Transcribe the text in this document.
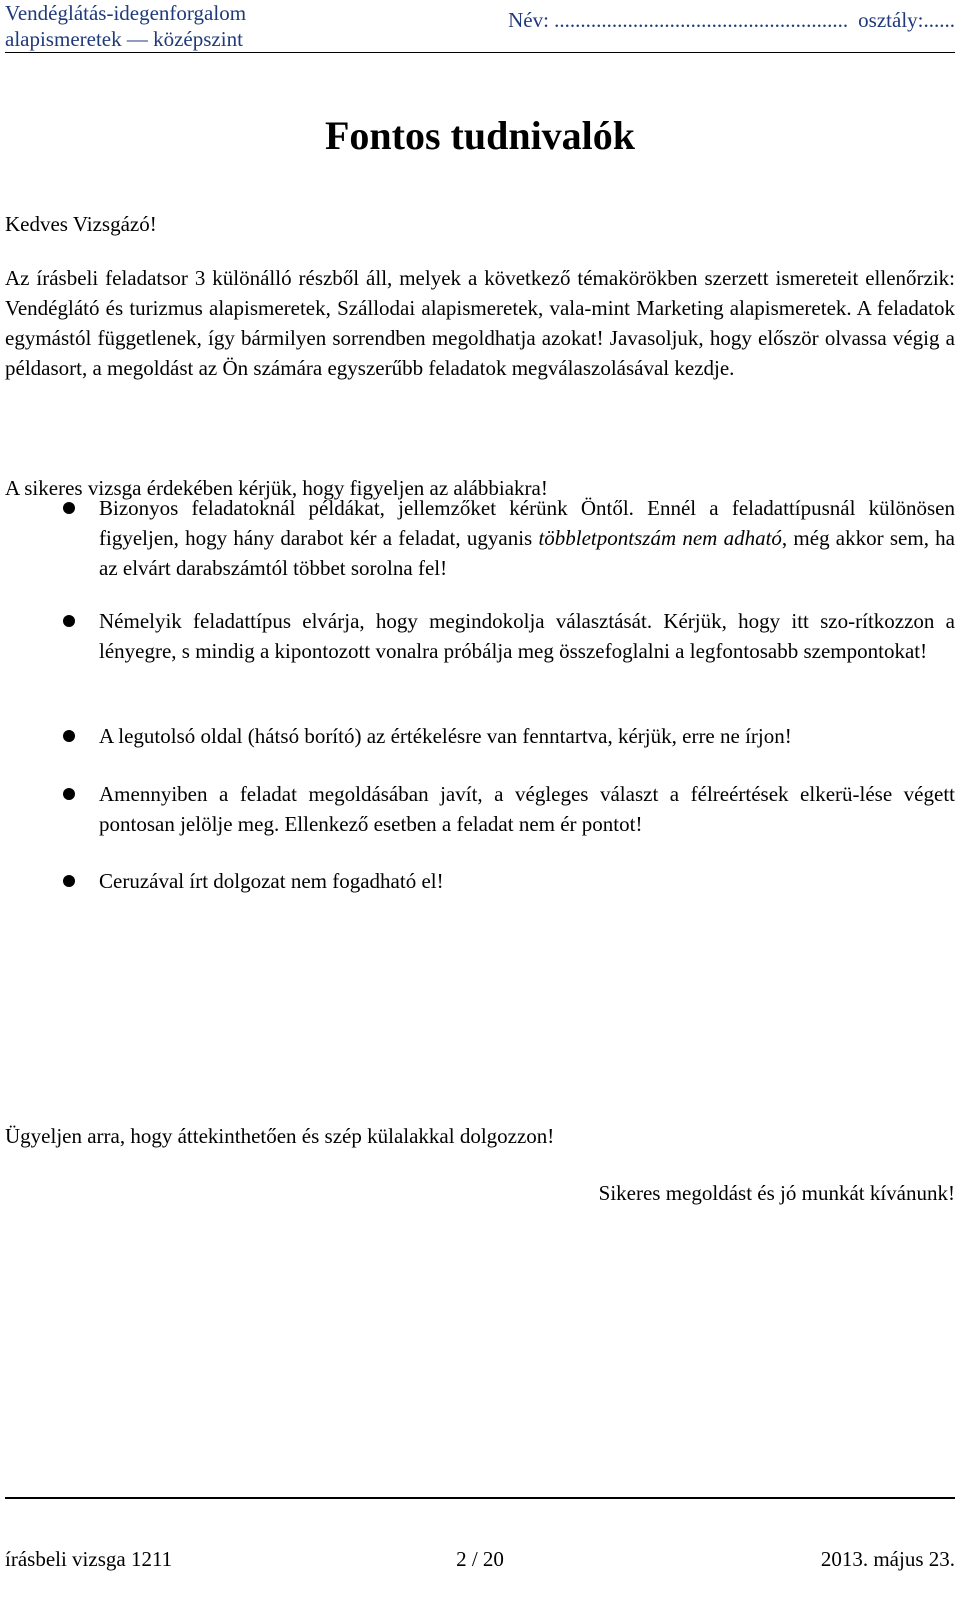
Vendéglátás-idegenforgalom
alapismeretek — középszint
Név: ........................................................ osztály:......
Fontos tudnivalók
Kedves Vizsgázó!
Az írásbeli feladatsor 3 különálló részből áll, melyek a következő témakörökben szerzett ismereteit ellenőrzik: Vendéglátó és turizmus alapismeretek, Szállodai alapismeretek, vala-mint Marketing alapismeretek. A feladatok egymástól függetlenek, így bármilyen sorrendben megoldhatja azokat! Javasoljuk, hogy először olvassa végig a példasort, a megoldást az Ön számára egyszerűbb feladatok megválaszolásával kezdje.
A sikeres vizsga érdekében kérjük, hogy figyeljen az alábbiakra!
Bizonyos feladatoknál példákat, jellemzőket kérünk Öntől. Ennél a feladattípusnál különösen figyeljen, hogy hány darabot kér a feladat, ugyanis többletpontszám nem adható, még akkor sem, ha az elvárt darabszámtól többet sorolna fel!
Némelyik feladattípus elvárja, hogy megindokolja választását. Kérjük, hogy itt szo-rítkozzon a lényegre, s mindig a kipontozott vonalra próbálja meg összefoglalni a legfontosabb szempontokat!
A legutolsó oldal (hátsó borító) az értékelésre van fenntartva, kérjük, erre ne írjon!
Amennyiben a feladat megoldásában javít, a végleges választ a félreértések elkerü-lése végett pontosan jelölje meg. Ellenkező esetben a feladat nem ér pontot!
Ceruzával írt dolgozat nem fogadható el!
Ügyeljen arra, hogy áttekinthetően és szép külalakkal dolgozzon!
Sikeres megoldást és jó munkát kívánunk!
írásbeli vizsga 1211	2 / 20	2013. május 23.
